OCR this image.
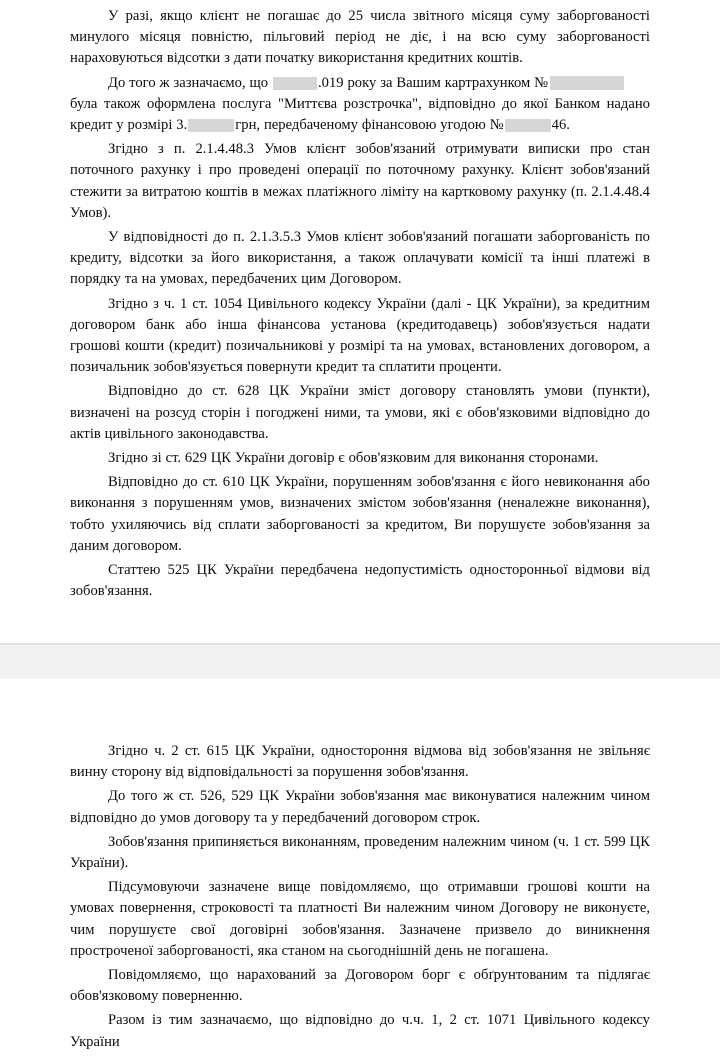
У разі, якщо клієнт не погашає до 25 числа звітного місяця суму заборгованості минулого місяця повністю, пільговий період не діє, і на всю суму заборгованості нараховуються відсотки з дати початку використання кредитних коштів.

До того ж зазначаємо, що	.019 року за Вашим картрахунком №
була також оформлена послуга "Миттєва розстрочка", відповідно до якої Банком надано кредит у розмірі 3.	грн, передбаченому фінансовою угодою №	46.

Згідно з п. 2.1.4.48.3 Умов клієнт зобов'язаний отримувати виписки про стан поточного рахунку і про проведені операції по поточному рахунку. Клієнт зобов'язаний стежити за витратою коштів в межах платіжного ліміту на картковому рахунку (п. 2.1.4.48.4 Умов).

У відповідності до п. 2.1.3.5.3 Умов клієнт зобов'язаний погашати заборгованість по кредиту, відсотки за його використання, а також оплачувати комісії та інші платежі в порядку та на умовах, передбачених цим Договором.

Згідно з ч. 1 ст. 1054 Цивільного кодексу України (далі - ЦК України), за кредитним договором банк або інша фінансова установа (кредитодавець) зобов'язується надати грошові кошти (кредит) позичальникові у розмірі та на умовах, встановлених договором, а позичальник зобов'язується повернути кредит та сплатити проценти.

Відповідно до ст. 628 ЦК України зміст договору становлять умови (пункти), визначені на розсуд сторін і погоджені ними, та умови, які є обов'язковими відповідно до актів цивільного законодавства.

Згідно зі ст. 629 ЦК України договір є обов'язковим для виконання сторонами.

Відповідно до ст. 610 ЦК України, порушенням зобов'язання є його невиконання або виконання з порушенням умов, визначених змістом зобов'язання (неналежне виконання), тобто ухиляючись від сплати заборгованості за кредитом, Ви порушуєте зобов'язання за даним договором.

Статтею 525 ЦК України передбачена недопустимість односторонньої відмови від зобов'язання.

Згідно ч. 2 ст. 615 ЦК України, одностороння відмова від зобов'язання не звільняє винну сторону від відповідальності за порушення зобов'язання.

До того ж ст. 526, 529 ЦК України зобов'язання має виконуватися належним чином відповідно до умов договору та у передбачений договором строк.

Зобов'язання припиняється виконанням, проведеним належним чином (ч. 1 ст. 599 ЦК України).

Підсумовуючи зазначене вище повідомляємо, що отримавши грошові кошти на умовах повернення, строковості та платності Ви належним чином Договору не виконуєте, чим порушуєте свої договірні зобов'язання. Зазначене призвело до виникнення простроченої заборгованості, яка станом на сьогоднішній день не погашена.

Повідомляємо, що нарахований за Договором борг є обґрунтованим та підлягає обов'язковому поверненню.

Разом із тим зазначаємо, що відповідно до ч.ч. 1, 2 ст. 1071 Цивільного кодексу України
